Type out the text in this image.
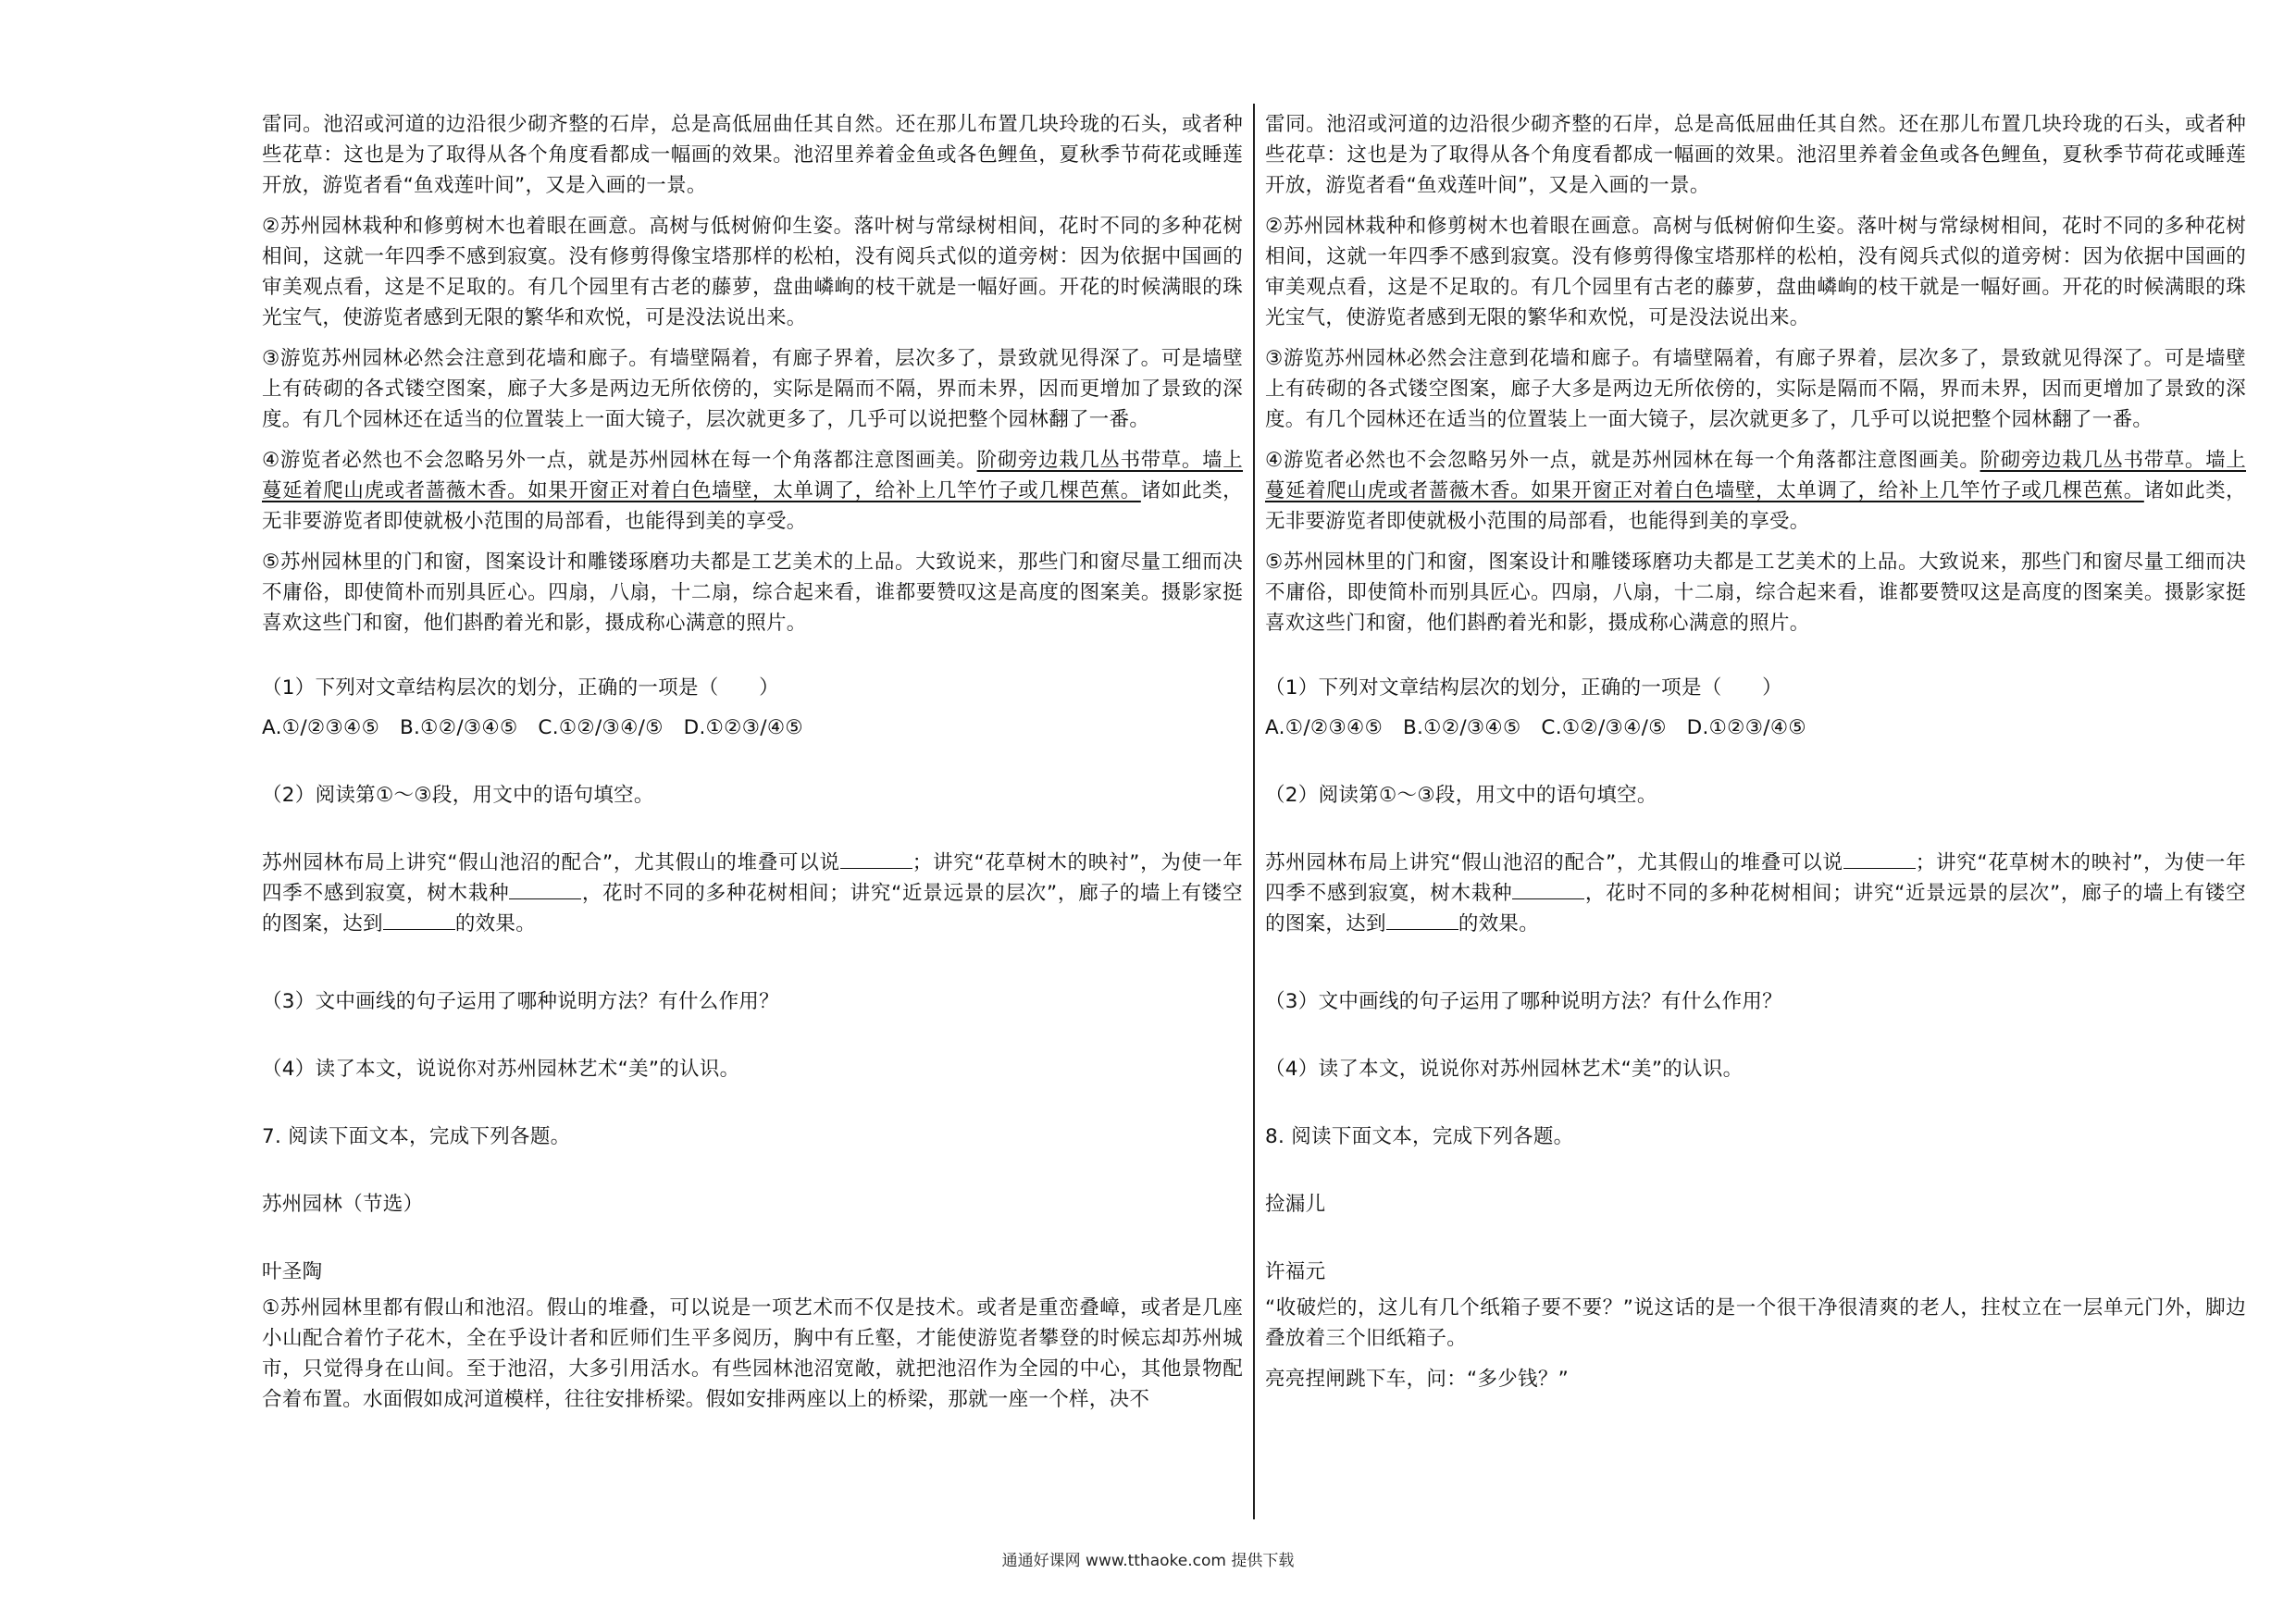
雷同。池沼或河道的边沿很少砌齐整的石岸，总是高低屈曲任其自然。还在那儿布置几块玲珑的石头，或者种些花草：这也是为了取得从各个角度看都成一幅画的效果。池沼里养着金鱼或各色鲤鱼，夏秋季节荷花或睡莲开放，游览者看“鱼戏莲叶间”，又是入画的一景。

②苏州园林栽种和修剪树木也着眼在画意。高树与低树俯仰生姿。落叶树与常绿树相间，花时不同的多种花树相间，这就一年四季不感到寂寞。没有修剪得像宝塔那样的松柏，没有阅兵式似的道旁树：因为依据中国画的审美观点看，这是不足取的。有几个园里有古老的藤萝，盘曲嶙峋的枝干就是一幅好画。开花的时候满眼的珠光宝气，使游览者感到无限的繁华和欢悦，可是没法说出来。

③游览苏州园林必然会注意到花墙和廊子。有墙壁隔着，有廊子界着，层次多了，景致就见得深了。可是墙壁上有砖砌的各式镂空图案，廊子大多是两边无所依傍的，实际是隔而不隔，界而未界，因而更增加了景致的深度。有几个园林还在适当的位置装上一面大镜子，层次就更多了，几乎可以说把整个园林翻了一番。

④游览者必然也不会忽略另外一点，就是苏州园林在每一个角落都注意图画美。阶砌旁边栽几丛书带草。墙上蔓延着爬山虎或者蔷薇木香。如果开窗正对着白色墙壁，太单调了，给补上几竿竹子或几棵芭蕉。诸如此类，无非要游览者即使就极小范围的局部看，也能得到美的享受。

⑤苏州园林里的门和窗，图案设计和雕镂琢磨功夫都是工艺美术的上品。大致说来，那些门和窗尽量工细而决不庸俗，即使简朴而别具匠心。四扇，八扇，十二扇，综合起来看，谁都要赞叹这是高度的图案美。摄影家挺喜欢这些门和窗，他们斟酌着光和影，摄成称心满意的照片。

（1）下列对文章结构层次的划分，正确的一项是（　　）

A.①/②③④⑤　B.①②/③④⑤　C.①②/③④/⑤　D.①②③/④⑤

（2）阅读第①～③段，用文中的语句填空。

苏州园林布局上讲究“假山池沼的配合”，尤其假山的堆叠可以说	；讲究“花草树木的映衬”，为使一年四季不感到寂寞，树木栽种	，花时不同的多种花树相间；讲究“近景远景的层次”，廊子的墙上有镂空的图案，达到	的效果。

（3）文中画线的句子运用了哪种说明方法？有什么作用？

（4）读了本文，说说你对苏州园林艺术“美”的认识。

7. 阅读下面文本，完成下列各题。

苏州园林（节选）

叶圣陶

①苏州园林里都有假山和池沼。假山的堆叠，可以说是一项艺术而不仅是技术。或者是重峦叠嶂，或者是几座小山配合着竹子花木，全在乎设计者和匠师们生平多阅历，胸中有丘壑，才能使游览者攀登的时候忘却苏州城市，只觉得身在山间。至于池沼，大多引用活水。有些园林池沼宽敞，就把池沼作为全园的中心，其他景物配合着布置。水面假如成河道模样，往往安排桥梁。假如安排两座以上的桥梁，那就一座一个样，决不

雷同。池沼或河道的边沿很少砌齐整的石岸，总是高低屈曲任其自然。还在那儿布置几块玲珑的石头，或者种些花草：这也是为了取得从各个角度看都成一幅画的效果。池沼里养着金鱼或各色鲤鱼，夏秋季节荷花或睡莲开放，游览者看“鱼戏莲叶间”，又是入画的一景。

②苏州园林栽种和修剪树木也着眼在画意。高树与低树俯仰生姿。落叶树与常绿树相间，花时不同的多种花树相间，这就一年四季不感到寂寞。没有修剪得像宝塔那样的松柏，没有阅兵式似的道旁树：因为依据中国画的审美观点看，这是不足取的。有几个园里有古老的藤萝，盘曲嶙峋的枝干就是一幅好画。开花的时候满眼的珠光宝气，使游览者感到无限的繁华和欢悦，可是没法说出来。

③游览苏州园林必然会注意到花墙和廊子。有墙壁隔着，有廊子界着，层次多了，景致就见得深了。可是墙壁上有砖砌的各式镂空图案，廊子大多是两边无所依傍的，实际是隔而不隔，界而未界，因而更增加了景致的深度。有几个园林还在适当的位置装上一面大镜子，层次就更多了，几乎可以说把整个园林翻了一番。

④游览者必然也不会忽略另外一点，就是苏州园林在每一个角落都注意图画美。阶砌旁边栽几丛书带草。墙上蔓延着爬山虎或者蔷薇木香。如果开窗正对着白色墙壁，太单调了，给补上几竿竹子或几棵芭蕉。诸如此类，无非要游览者即使就极小范围的局部看，也能得到美的享受。

⑤苏州园林里的门和窗，图案设计和雕镂琢磨功夫都是工艺美术的上品。大致说来，那些门和窗尽量工细而决不庸俗，即使简朴而别具匠心。四扇，八扇，十二扇，综合起来看，谁都要赞叹这是高度的图案美。摄影家挺喜欢这些门和窗，他们斟酌着光和影，摄成称心满意的照片。

（1）下列对文章结构层次的划分，正确的一项是（　　）

A.①/②③④⑤　B.①②/③④⑤　C.①②/③④/⑤　D.①②③/④⑤

（2）阅读第①～③段，用文中的语句填空。

苏州园林布局上讲究“假山池沼的配合”，尤其假山的堆叠可以说	；讲究“花草树木的映衬”，为使一年四季不感到寂寞，树木栽种	，花时不同的多种花树相间；讲究“近景远景的层次”，廊子的墙上有镂空的图案，达到	的效果。

（3）文中画线的句子运用了哪种说明方法？有什么作用？

（4）读了本文，说说你对苏州园林艺术“美”的认识。

8. 阅读下面文本，完成下列各题。

捡漏儿

许福元

“收破烂的，这儿有几个纸箱子要不要？”说这话的是一个很干净很清爽的老人，拄杖立在一层单元门外，脚边叠放着三个旧纸箱子。

亮亮捏闸跳下车，问：“多少钱？”

通通好课网 www.tthaoke.com 提供下载
